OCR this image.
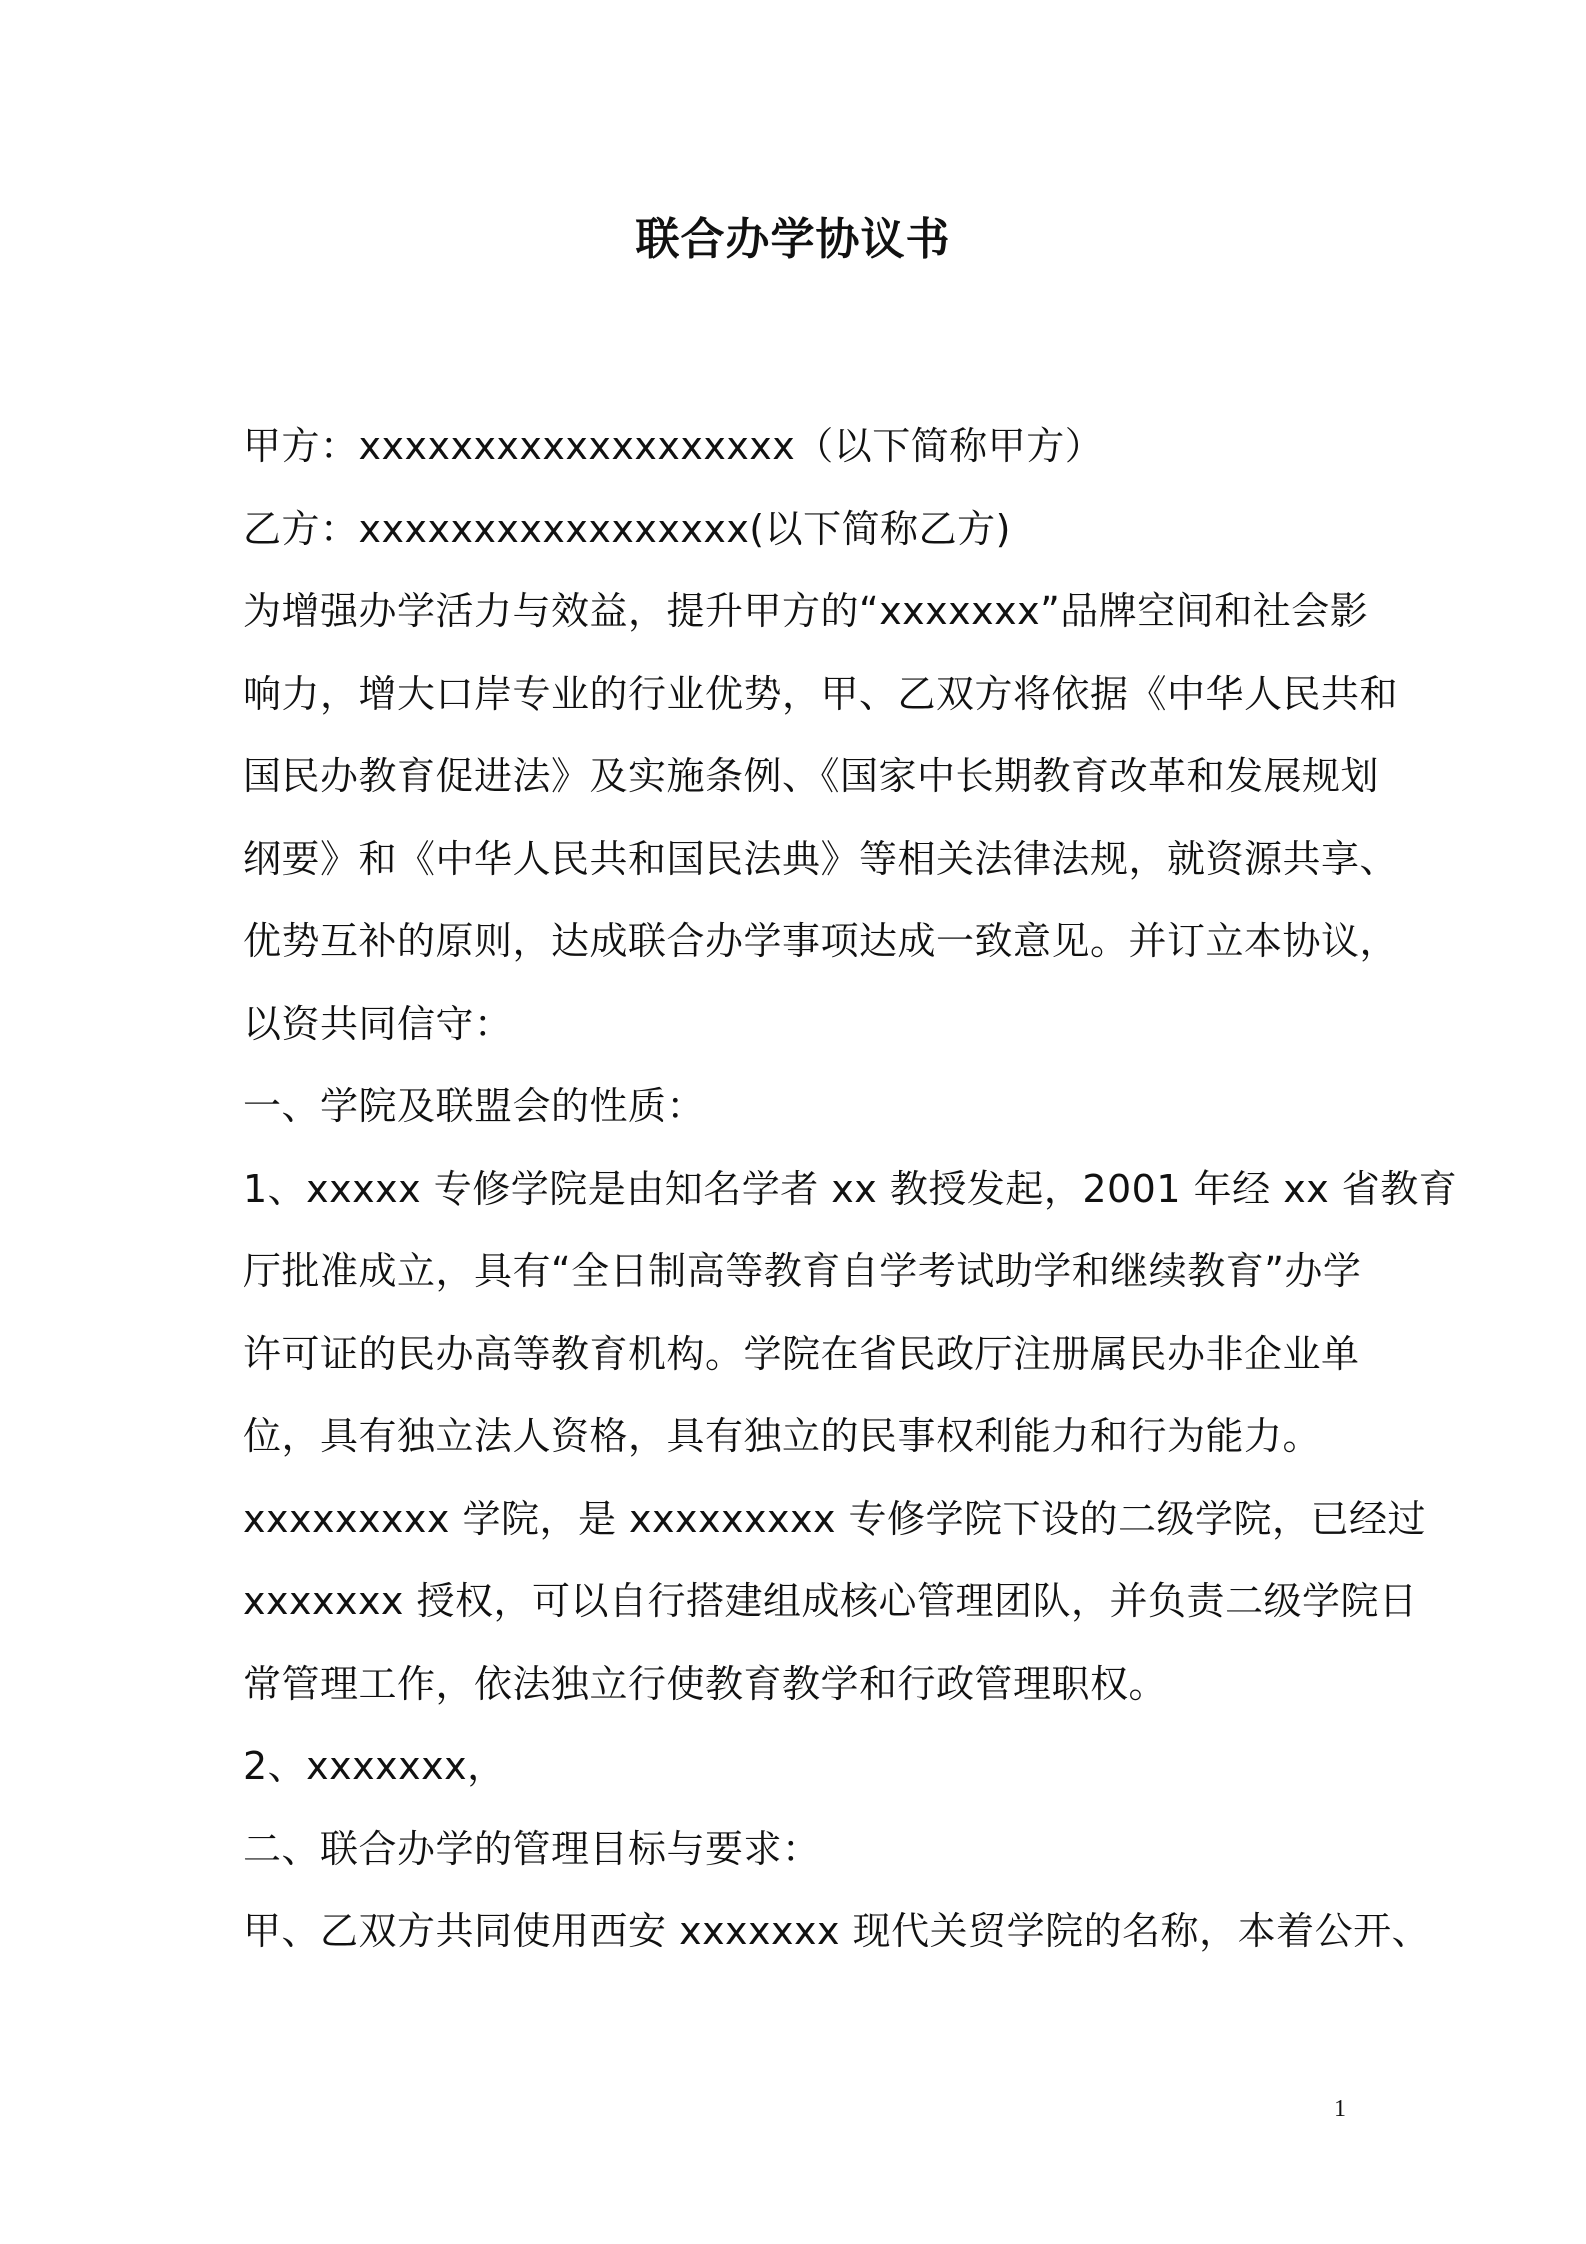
联合办学协议书
甲方：xxxxxxxxxxxxxxxxxxx（以下简称甲方）
乙方：xxxxxxxxxxxxxxxxx(以下简称乙方)
为增强办学活力与效益，提升甲方的“xxxxxxx”品牌空间和社会影
响力，增大口岸专业的行业优势，甲、乙双方将依据《中华人民共和
国民办教育促进法》及实施条例、《国家中长期教育改革和发展规划
纲要》和《中华人民共和国民法典》等相关法律法规，就资源共享、
优势互补的原则，达成联合办学事项达成一致意见。并订立本协议，
以资共同信守：
一、学院及联盟会的性质：
1、xxxxx 专修学院是由知名学者 xx 教授发起，2001 年经 xx 省教育
厅批准成立，具有“全日制高等教育自学考试助学和继续教育”办学
许可证的民办高等教育机构。学院在省民政厅注册属民办非企业单
位，具有独立法人资格，具有独立的民事权利能力和行为能力。
xxxxxxxxx 学院，是 xxxxxxxxx 专修学院下设的二级学院，已经过
xxxxxxx 授权，可以自行搭建组成核心管理团队，并负责二级学院日
常管理工作，依法独立行使教育教学和行政管理职权。
2、xxxxxxx，
二、联合办学的管理目标与要求：
甲、乙双方共同使用西安 xxxxxxx 现代关贸学院的名称，本着公开、
1
